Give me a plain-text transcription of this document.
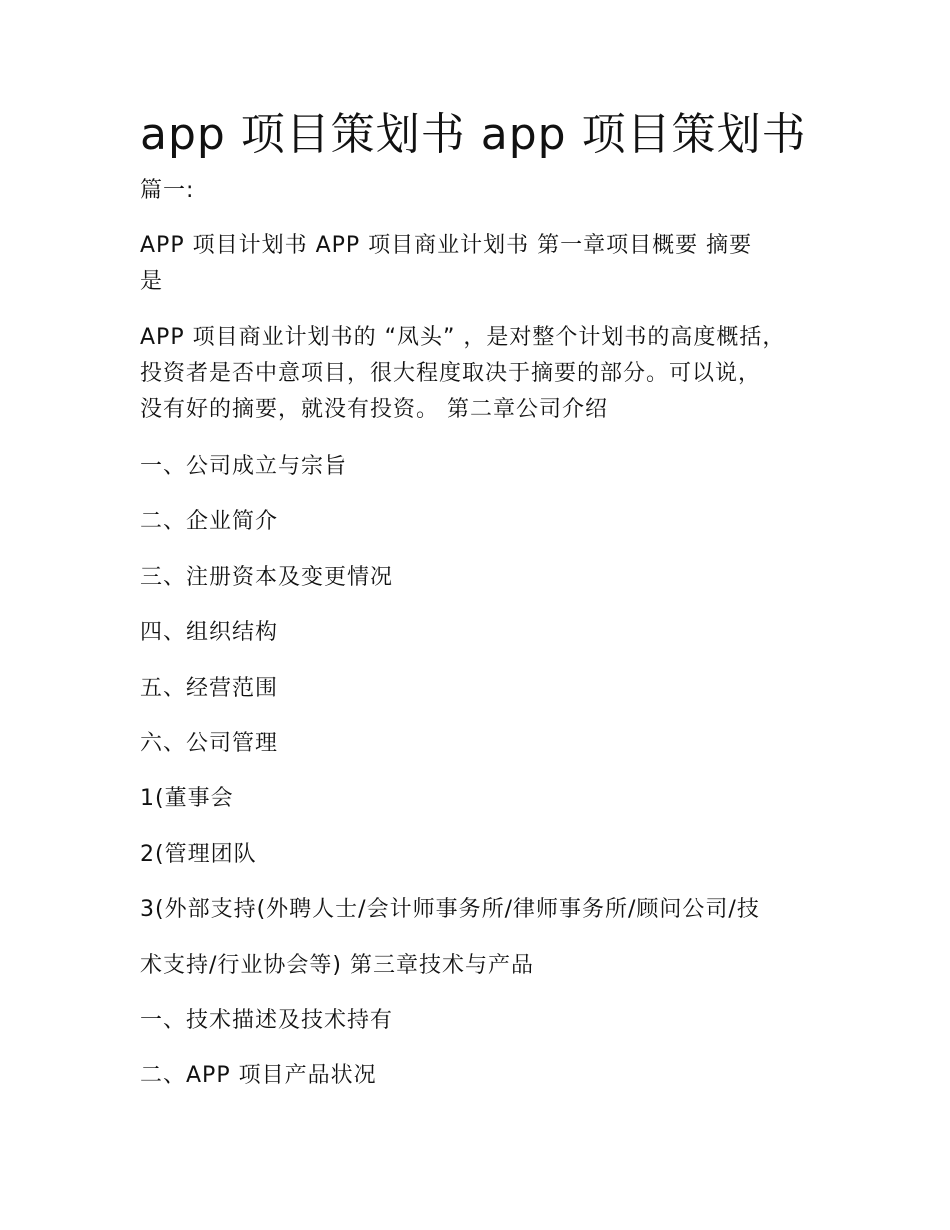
app 项目策划书 app 项目策划书

篇一:

APP 项目计划书 APP 项目商业计划书 第一章项目概要 摘要

是

APP 项目商业计划书的 “凤头” ，是对整个计划书的高度概括，

投资者是否中意项目，很大程度取决于摘要的部分。可以说，

没有好的摘要，就没有投资。 第二章公司介绍

一、公司成立与宗旨

二、企业简介

三、注册资本及变更情况

四、组织结构

五、经营范围

六、公司管理

1(董事会

2(管理团队

3(外部支持(外聘人士/会计师事务所/律师事务所/顾问公司/技

术支持/行业协会等) 第三章技术与产品

一、技术描述及技术持有

二、APP 项目产品状况
